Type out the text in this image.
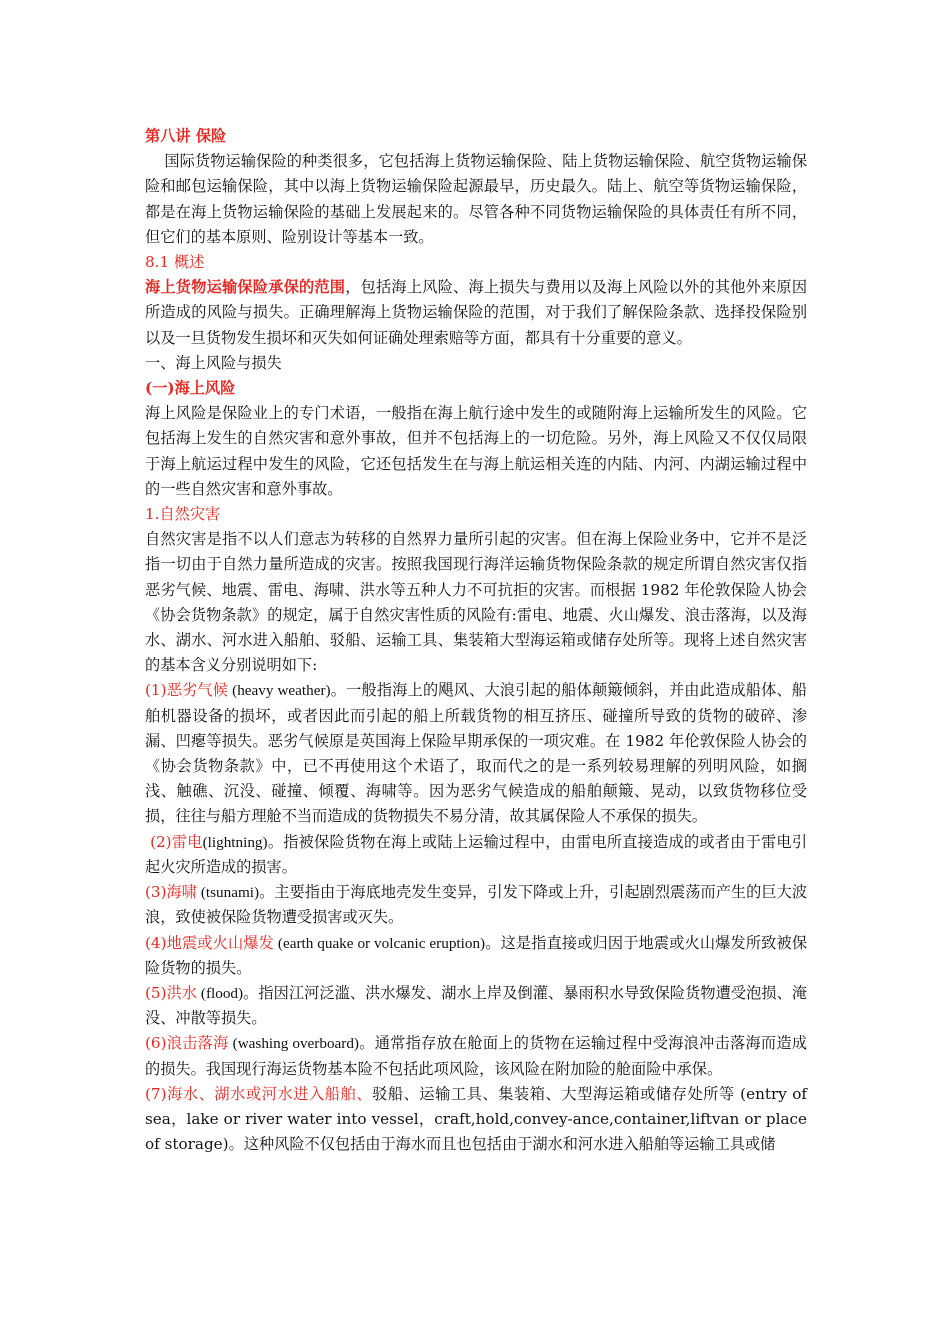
第八讲 保险

国际货物运输保险的种类很多，它包括海上货物运输保险、陆上货物运输保险、航空货物运输保险和邮包运输保险，其中以海上货物运输保险起源最早，历史最久。陆上、航空等货物运输保险，都是在海上货物运输保险的基础上发展起来的。尽管各种不同货物运输保险的具体责任有所不同，但它们的基本原则、险别设计等基本一致。

8.1 概述

海上货物运输保险承保的范围，包括海上风险、海上损失与费用以及海上风险以外的其他外来原因所造成的风险与损失。正确理解海上货物运输保险的范围，对于我们了解保险条款、选择投保险别以及一旦货物发生损坏和灭失如何证确处理索赔等方面，都具有十分重要的意义。

一、海上风险与损失

(一)海上风险

海上风险是保险业上的专门术语，一般指在海上航行途中发生的或随附海上运输所发生的风险。它包括海上发生的自然灾害和意外事故，但并不包括海上的一切危险。另外，海上风险又不仅仅局限于海上航运过程中发生的风险，它还包括发生在与海上航运相关连的内陆、内河、内湖运输过程中的一些自然灾害和意外事故。

1.自然灾害

自然灾害是指不以人们意志为转移的自然界力量所引起的灾害。但在海上保险业务中，它并不是泛指一切由于自然力量所造成的灾害。按照我国现行海洋运输货物保险条款的规定所谓自然灾害仅指恶劣气候、地震、雷电、海啸、洪水等五种人力不可抗拒的灾害。而根据 1982 年伦敦保险人协会《协会货物条款》的规定，属于自然灾害性质的风险有:雷电、地震、火山爆发、浪击落海，以及海水、湖水、河水进入船舶、驳船、运输工具、集装箱大型海运箱或储存处所等。现将上述自然灾害的基本含义分别说明如下:

(1)恶劣气候 (heavy weather)。一般指海上的飓风、大浪引起的船体颠簸倾斜，并由此造成船体、船舶机器设备的损坏，或者因此而引起的船上所载货物的相互挤压、碰撞所导致的货物的破碎、渗漏、凹瘪等损失。恶劣气候原是英国海上保险早期承保的一项灾难。在 1982 年伦敦保险人协会的《协会货物条款》中，已不再使用这个术语了，取而代之的是一系列较易理解的列明风险，如搁浅、触礁、沉没、碰撞、倾覆、海啸等。因为恶劣气候造成的船舶颠簸、晃动，以致货物移位受损，往往与船方理舱不当而造成的货物损失不易分清，故其属保险人不承保的损失。

(2)雷电(lightning)。指被保险货物在海上或陆上运输过程中，由雷电所直接造成的或者由于雷电引起火灾所造成的损害。

(3)海啸 (tsunami)。主要指由于海底地壳发生变异，引发下降或上升，引起剧烈震荡而产生的巨大波浪，致使被保险货物遭受损害或灭失。

(4)地震或火山爆发 (earth quake or volcanic eruption)。这是指直接或归因于地震或火山爆发所致被保险货物的损失。

(5)洪水 (flood)。指因江河泛滥、洪水爆发、湖水上岸及倒灌、暴雨积水导致保险货物遭受泡损、淹没、冲散等损失。

(6)浪击落海 (washing overboard)。通常指存放在舱面上的货物在运输过程中受海浪冲击落海而造成的损失。我国现行海运货物基本险不包括此项风险，该风险在附加险的舱面险中承保。

(7)海水、湖水或河水进入船舶、驳船、运输工具、集装箱、大型海运箱或储存处所等 (entry of sea，lake or river water into vessel，craft,hold,convey-ance,container,liftvan or place of storage)。这种风险不仅包括由于海水而且也包括由于湖水和河水进入船舶等运输工具或储
